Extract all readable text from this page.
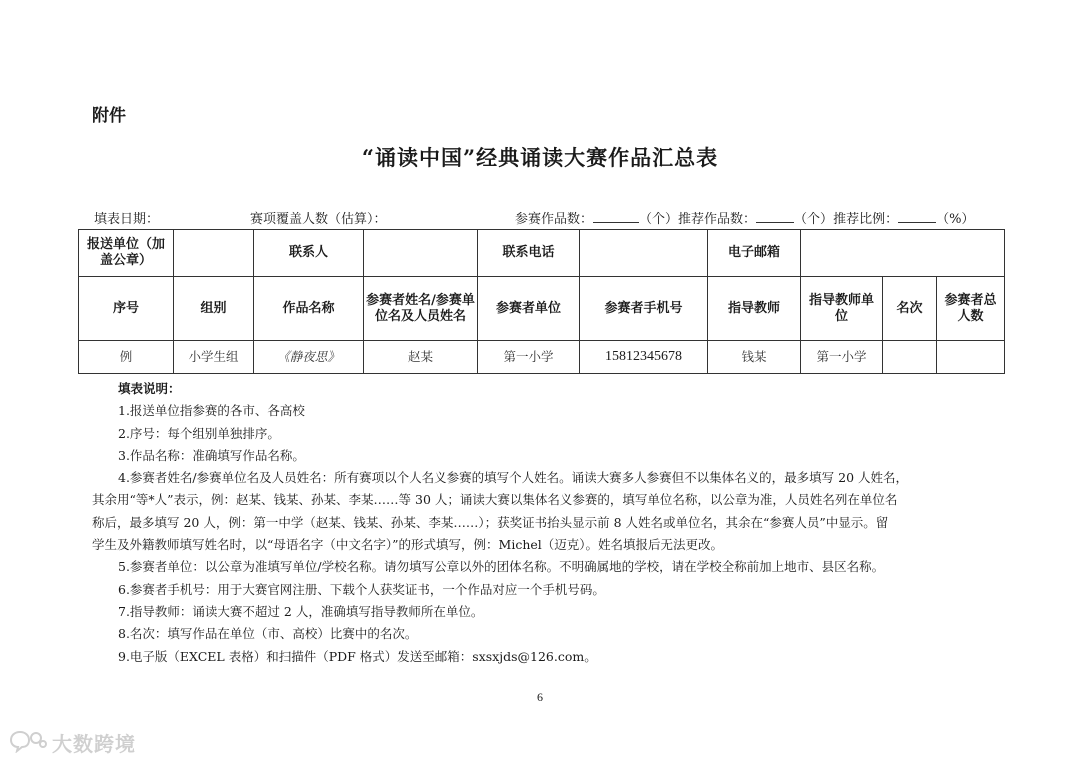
附件
“诵读中国”经典诵读大赛作品汇总表
填表日期：	赛项覆盖人数（估算）：	参赛作品数：	（个）推荐作品数：	（个）推荐比例：	（%）
报送单位（加盖公章）		联系人		联系电话		电子邮箱			
序号	组别	作品名称	参赛者姓名/参赛单位名及人员姓名	参赛者单位	参赛者手机号	指导教师	指导教师单位	名次	参赛者总人数
例	小学生组	《静夜思》	赵某	第一小学	15812345678	钱某	第一小学		
填表说明：

1.报送单位指参赛的各市、各高校

2.序号：每个组别单独排序。

3.作品名称：准确填写作品名称。

4.参赛者姓名/参赛单位名及人员姓名：所有赛项以个人名义参赛的填写个人姓名。诵读大赛多人参赛但不以集体名义的，最多填写 20 人姓名，

其余用“等*人”表示，例：赵某、钱某、孙某、李某……等 30 人；诵读大赛以集体名义参赛的，填写单位名称，以公章为准，人员姓名列在单位名

称后，最多填写 20 人，例：第一中学（赵某、钱某、孙某、李某……）；获奖证书抬头显示前 8 人姓名或单位名，其余在“参赛人员”中显示。留

学生及外籍教师填写姓名时，以“母语名字（中文名字）”的形式填写，例：Michel（迈克）。姓名填报后无法更改。

5.参赛者单位：以公章为准填写单位/学校名称。请勿填写公章以外的团体名称。不明确属地的学校，请在学校全称前加上地市、县区名称。

6.参赛者手机号：用于大赛官网注册、下载个人获奖证书，一个作品对应一个手机号码。

7.指导教师：诵读大赛不超过 2 人，准确填写指导教师所在单位。

8.名次：填写作品在单位（市、高校）比赛中的名次。

9.电子版（EXCEL 表格）和扫描件（PDF 格式）发送至邮箱：sxsxjds@126.com。

6
大数跨境
